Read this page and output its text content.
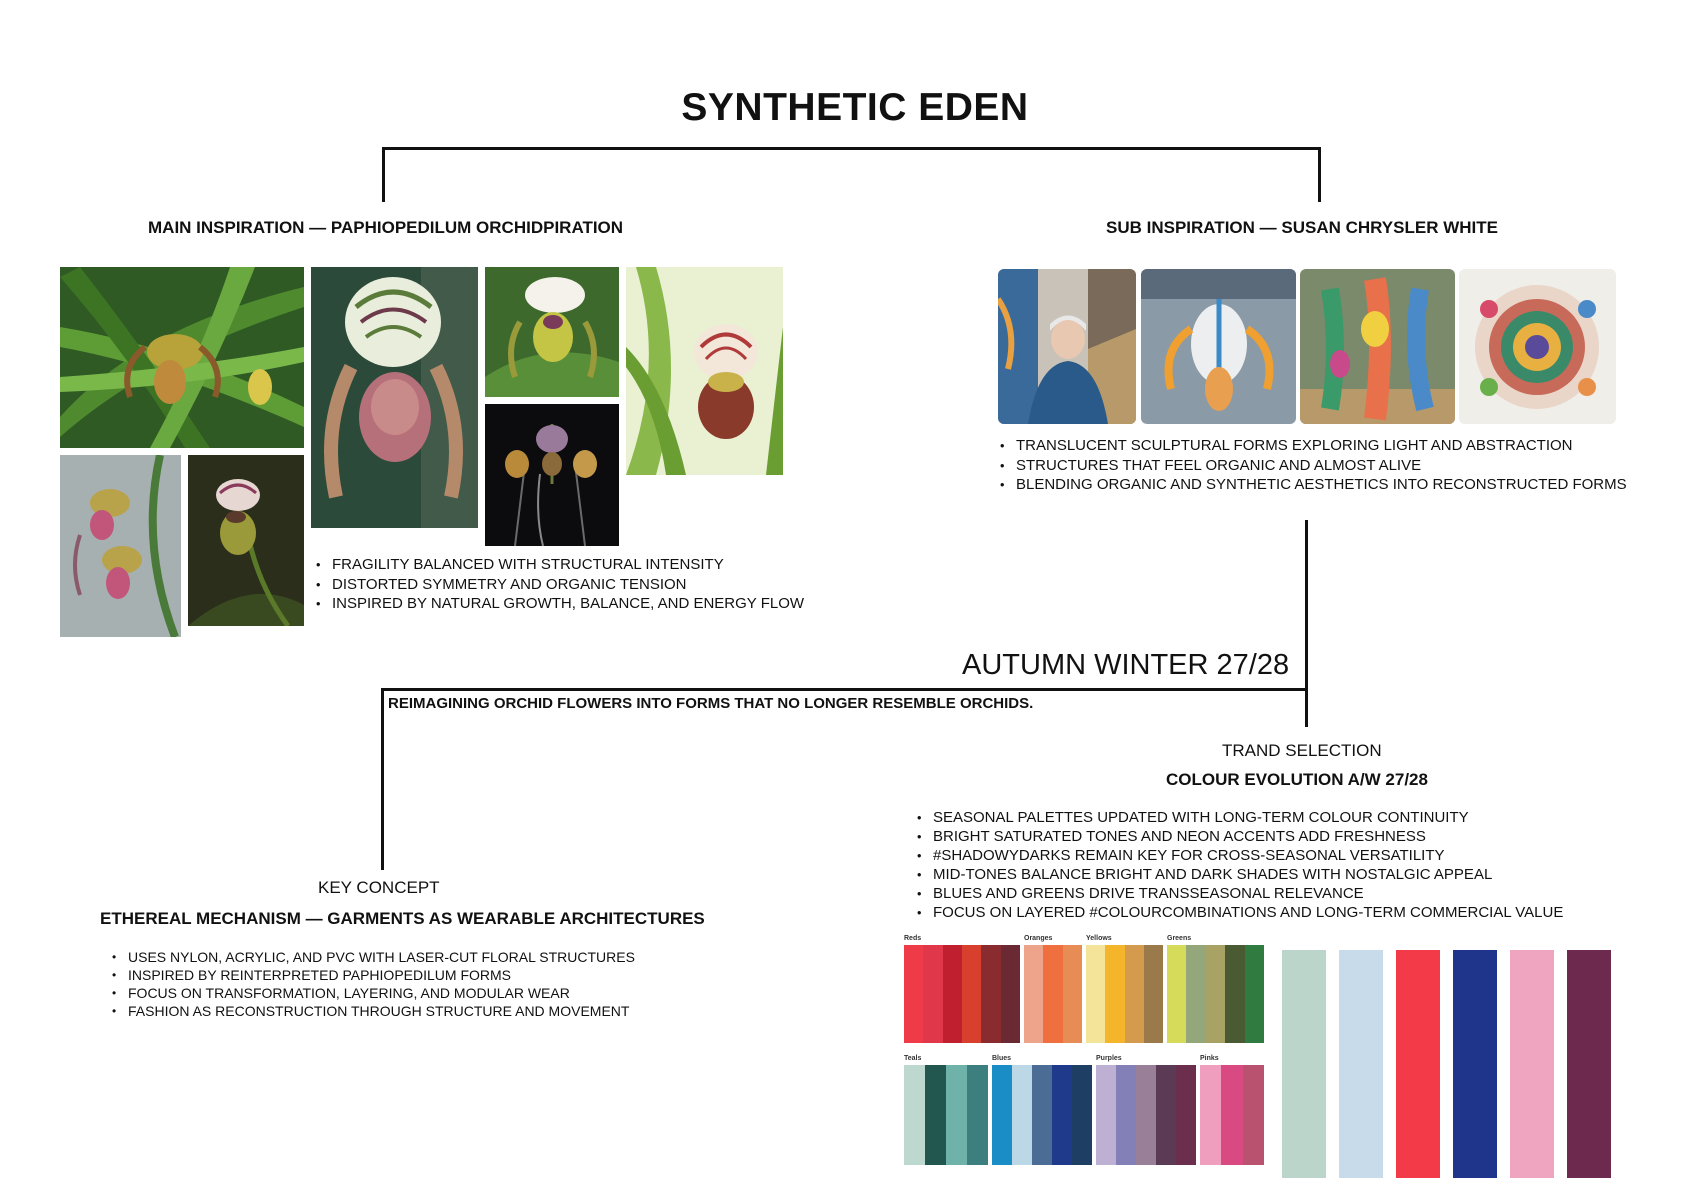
SYNTHETIC EDEN
MAIN INSPIRATION — PAPHIOPEDILUM ORCHIDPIRATION
• FRAGILITY BALANCED WITH STRUCTURAL INTENSITY
• DISTORTED SYMMETRY AND ORGANIC TENSION
• INSPIRED BY NATURAL GROWTH, BALANCE, AND ENERGY FLOW
SUB INSPIRATION — SUSAN CHRYSLER WHITE
• TRANSLUCENT SCULPTURAL FORMS EXPLORING LIGHT AND ABSTRACTION
• STRUCTURES THAT FEEL ORGANIC AND ALMOST ALIVE
• BLENDING ORGANIC AND SYNTHETIC AESTHETICS INTO RECONSTRUCTED FORMS
AUTUMN WINTER 27/28
REIMAGINING ORCHID FLOWERS INTO FORMS THAT NO LONGER RESEMBLE ORCHIDS.
TRAND SELECTION
COLOUR EVOLUTION A/W 27/28
• SEASONAL PALETTES UPDATED WITH LONG-TERM COLOUR CONTINUITY
• BRIGHT SATURATED TONES AND NEON ACCENTS ADD FRESHNESS
• #SHADOWYDARKS REMAIN KEY FOR CROSS-SEASONAL VERSATILITY
• MID-TONES BALANCE BRIGHT AND DARK SHADES WITH NOSTALGIC APPEAL
• BLUES AND GREENS DRIVE TRANSSEASONAL RELEVANCE
• FOCUS ON LAYERED #COLOURCOMBINATIONS AND LONG-TERM COMMERCIAL VALUE
KEY CONCEPT
ETHEREAL MECHANISM — GARMENTS AS WEARABLE ARCHITECTURES
• USES NYLON, ACRYLIC, AND PVC WITH LASER-CUT FLORAL STRUCTURES
• INSPIRED BY REINTERPRETED PAPHIOPEDILUM FORMS
• FOCUS ON TRANSFORMATION, LAYERING, AND MODULAR WEAR
• FASHION AS RECONSTRUCTION THROUGH STRUCTURE AND MOVEMENT
Reds	Oranges	Yellows	Greens
Teals	Blues	Purples	Pinks
